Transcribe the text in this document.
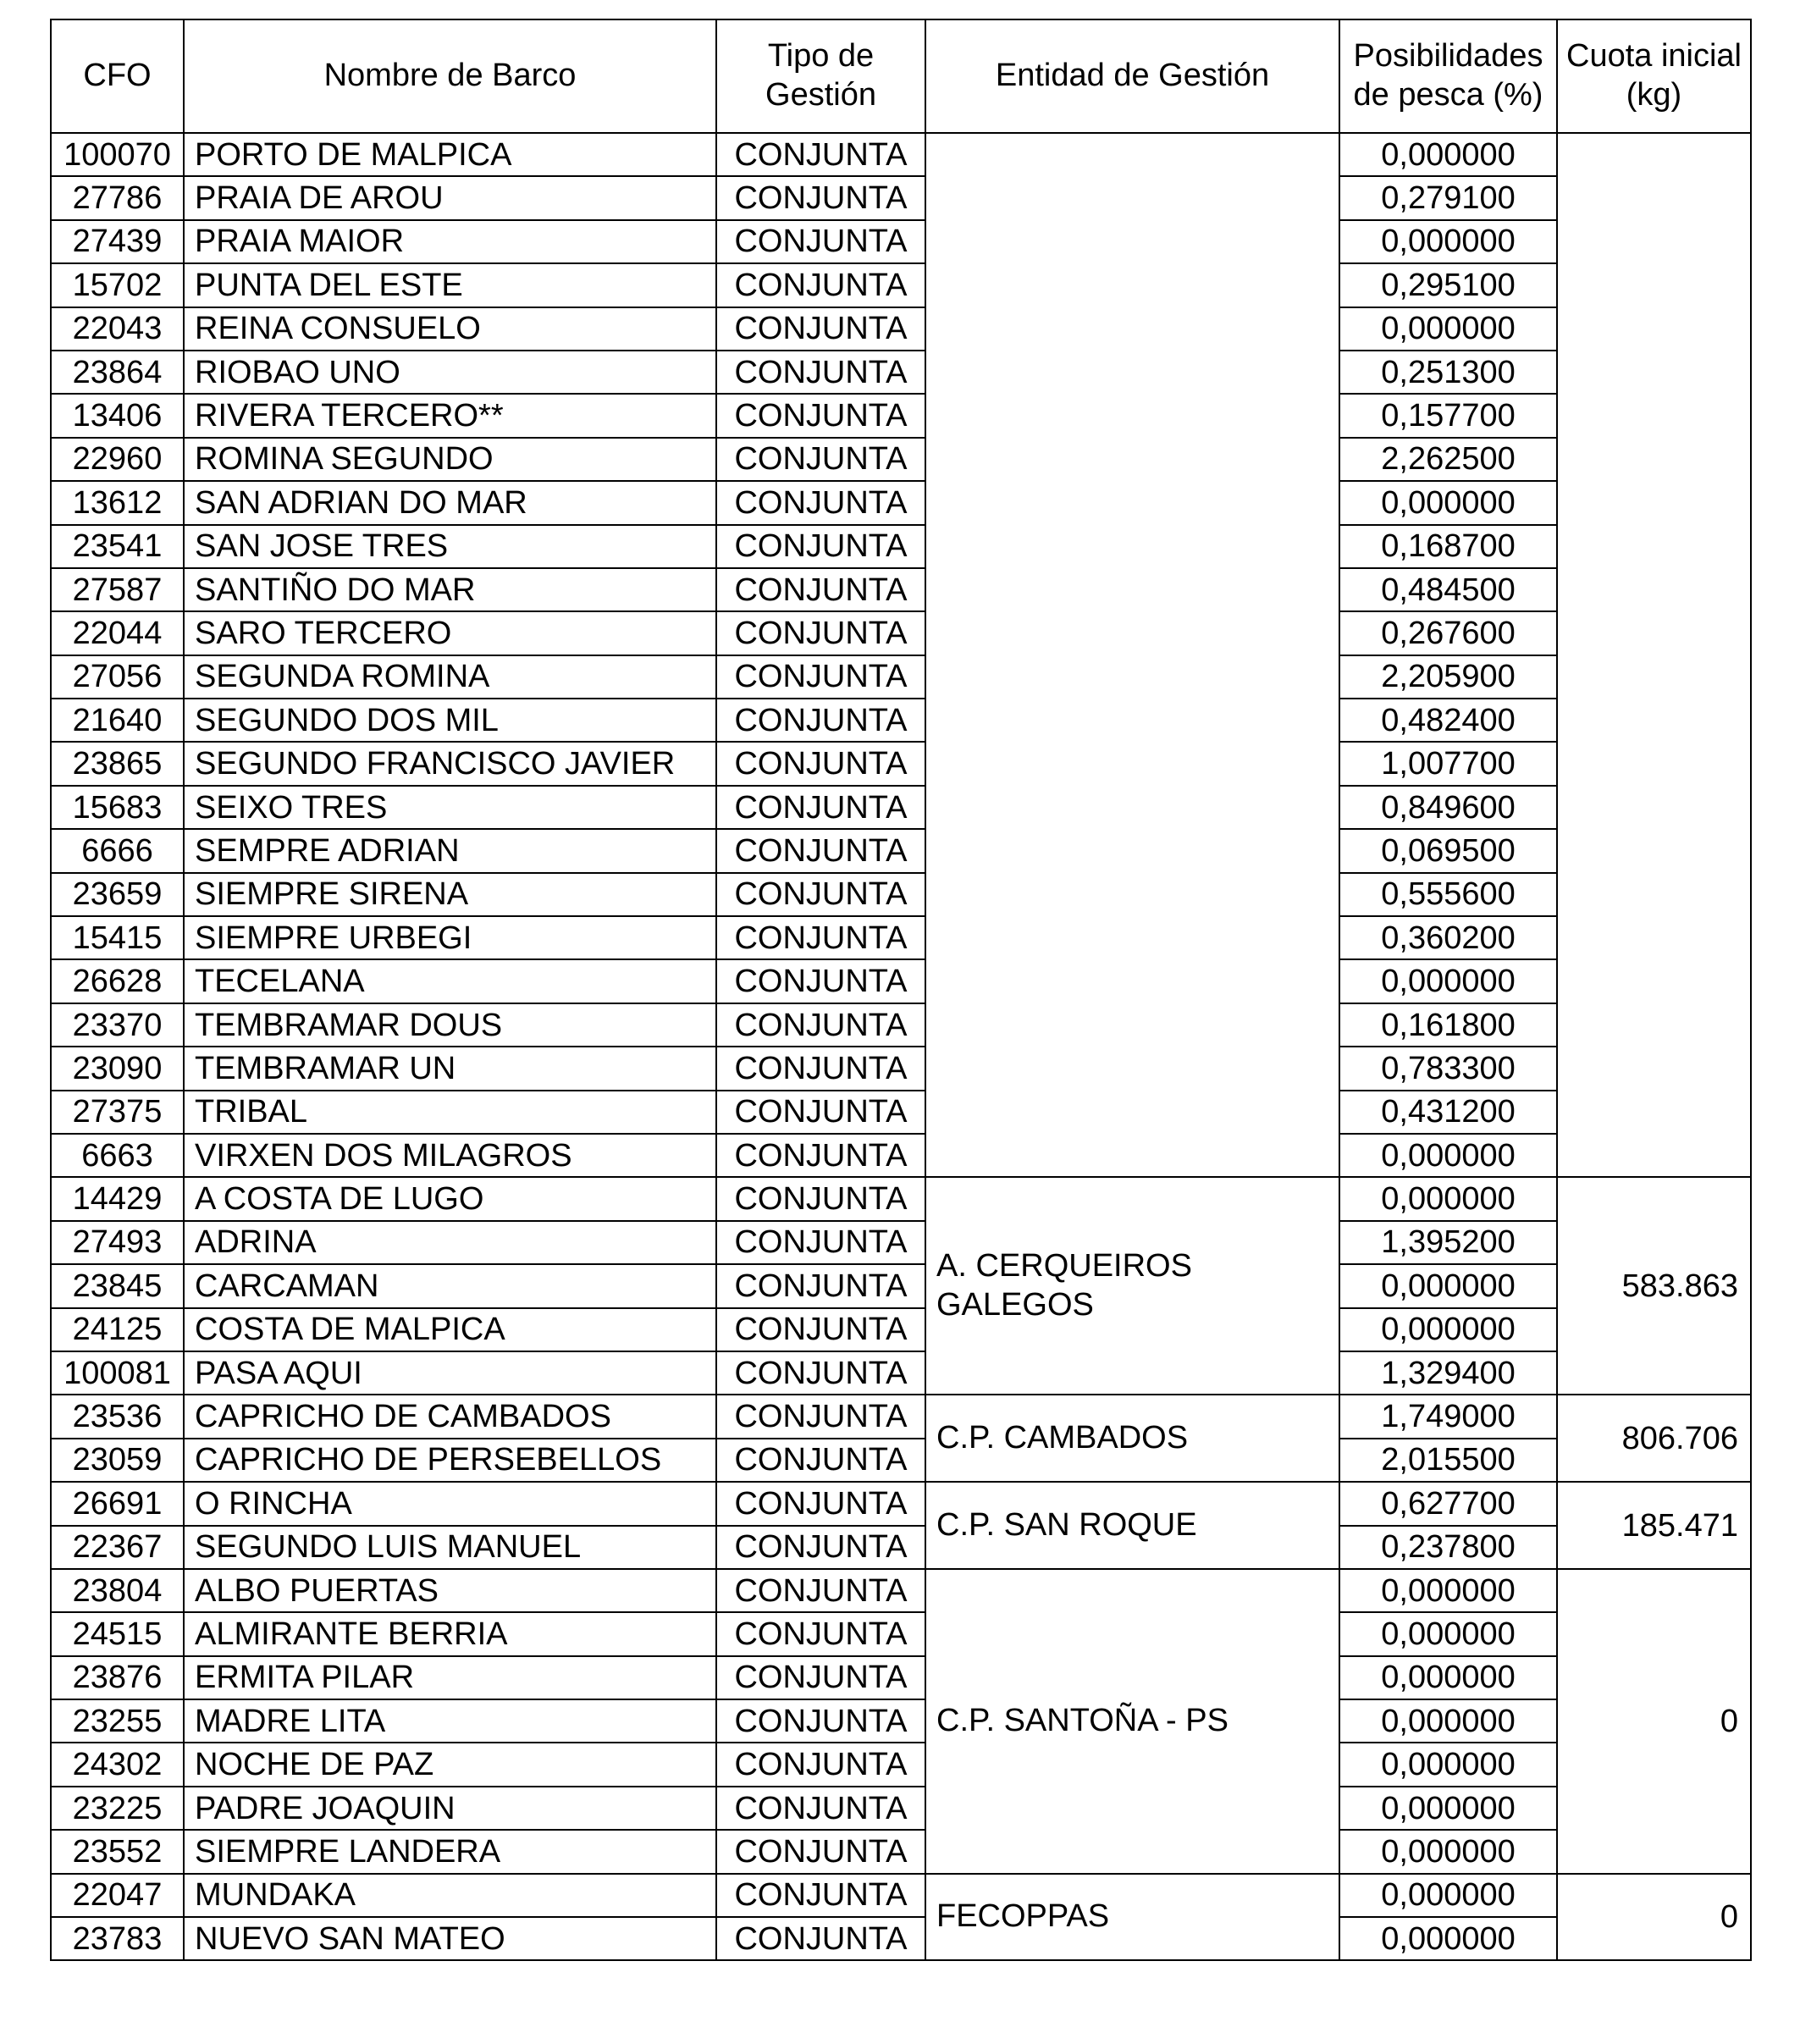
CFO	Nombre de Barco	Tipo de Gestión	Entidad de Gestión	Posibilidades de pesca (%)	Cuota inicial (kg)
100070	PORTO DE MALPICA	CONJUNTA		0,000000	
27786	PRAIA DE AROU	CONJUNTA		0,279100	
27439	PRAIA MAIOR	CONJUNTA		0,000000	
15702	PUNTA DEL ESTE	CONJUNTA		0,295100	
22043	REINA CONSUELO	CONJUNTA		0,000000	
23864	RIOBAO UNO	CONJUNTA		0,251300	
13406	RIVERA TERCERO**	CONJUNTA		0,157700	
22960	ROMINA SEGUNDO	CONJUNTA		2,262500	
13612	SAN ADRIAN DO MAR	CONJUNTA		0,000000	
23541	SAN JOSE TRES	CONJUNTA		0,168700	
27587	SANTIÑO DO MAR	CONJUNTA		0,484500	
22044	SARO TERCERO	CONJUNTA		0,267600	
27056	SEGUNDA ROMINA	CONJUNTA		2,205900	
21640	SEGUNDO DOS MIL	CONJUNTA		0,482400	
23865	SEGUNDO FRANCISCO JAVIER	CONJUNTA		1,007700	
15683	SEIXO TRES	CONJUNTA		0,849600	
6666	SEMPRE ADRIAN	CONJUNTA		0,069500	
23659	SIEMPRE SIRENA	CONJUNTA		0,555600	
15415	SIEMPRE URBEGI	CONJUNTA		0,360200	
26628	TECELANA	CONJUNTA		0,000000	
23370	TEMBRAMAR DOUS	CONJUNTA		0,161800	
23090	TEMBRAMAR UN	CONJUNTA		0,783300	
27375	TRIBAL	CONJUNTA		0,431200	
6663	VIRXEN DOS MILAGROS	CONJUNTA		0,000000	
14429	A COSTA DE LUGO	CONJUNTA	A. CERQUEIROS GALEGOS	0,000000	583.863
27493	ADRINA	CONJUNTA		1,395200	
23845	CARCAMAN	CONJUNTA		0,000000	
24125	COSTA DE MALPICA	CONJUNTA		0,000000	
100081	PASA AQUI	CONJUNTA		1,329400	
23536	CAPRICHO DE CAMBADOS	CONJUNTA	C.P. CAMBADOS	1,749000	806.706
23059	CAPRICHO DE PERSEBELLOS	CONJUNTA		2,015500	
26691	O RINCHA	CONJUNTA	C.P. SAN ROQUE	0,627700	185.471
22367	SEGUNDO LUIS MANUEL	CONJUNTA		0,237800	
23804	ALBO PUERTAS	CONJUNTA	C.P. SANTOÑA - PS	0,000000	0
24515	ALMIRANTE BERRIA	CONJUNTA		0,000000	
23876	ERMITA PILAR	CONJUNTA		0,000000	
23255	MADRE LITA	CONJUNTA		0,000000	
24302	NOCHE DE PAZ	CONJUNTA		0,000000	
23225	PADRE JOAQUIN	CONJUNTA		0,000000	
23552	SIEMPRE LANDERA	CONJUNTA		0,000000	
22047	MUNDAKA	CONJUNTA	FECOPPAS	0,000000	0
23783	NUEVO SAN MATEO	CONJUNTA		0,000000	
